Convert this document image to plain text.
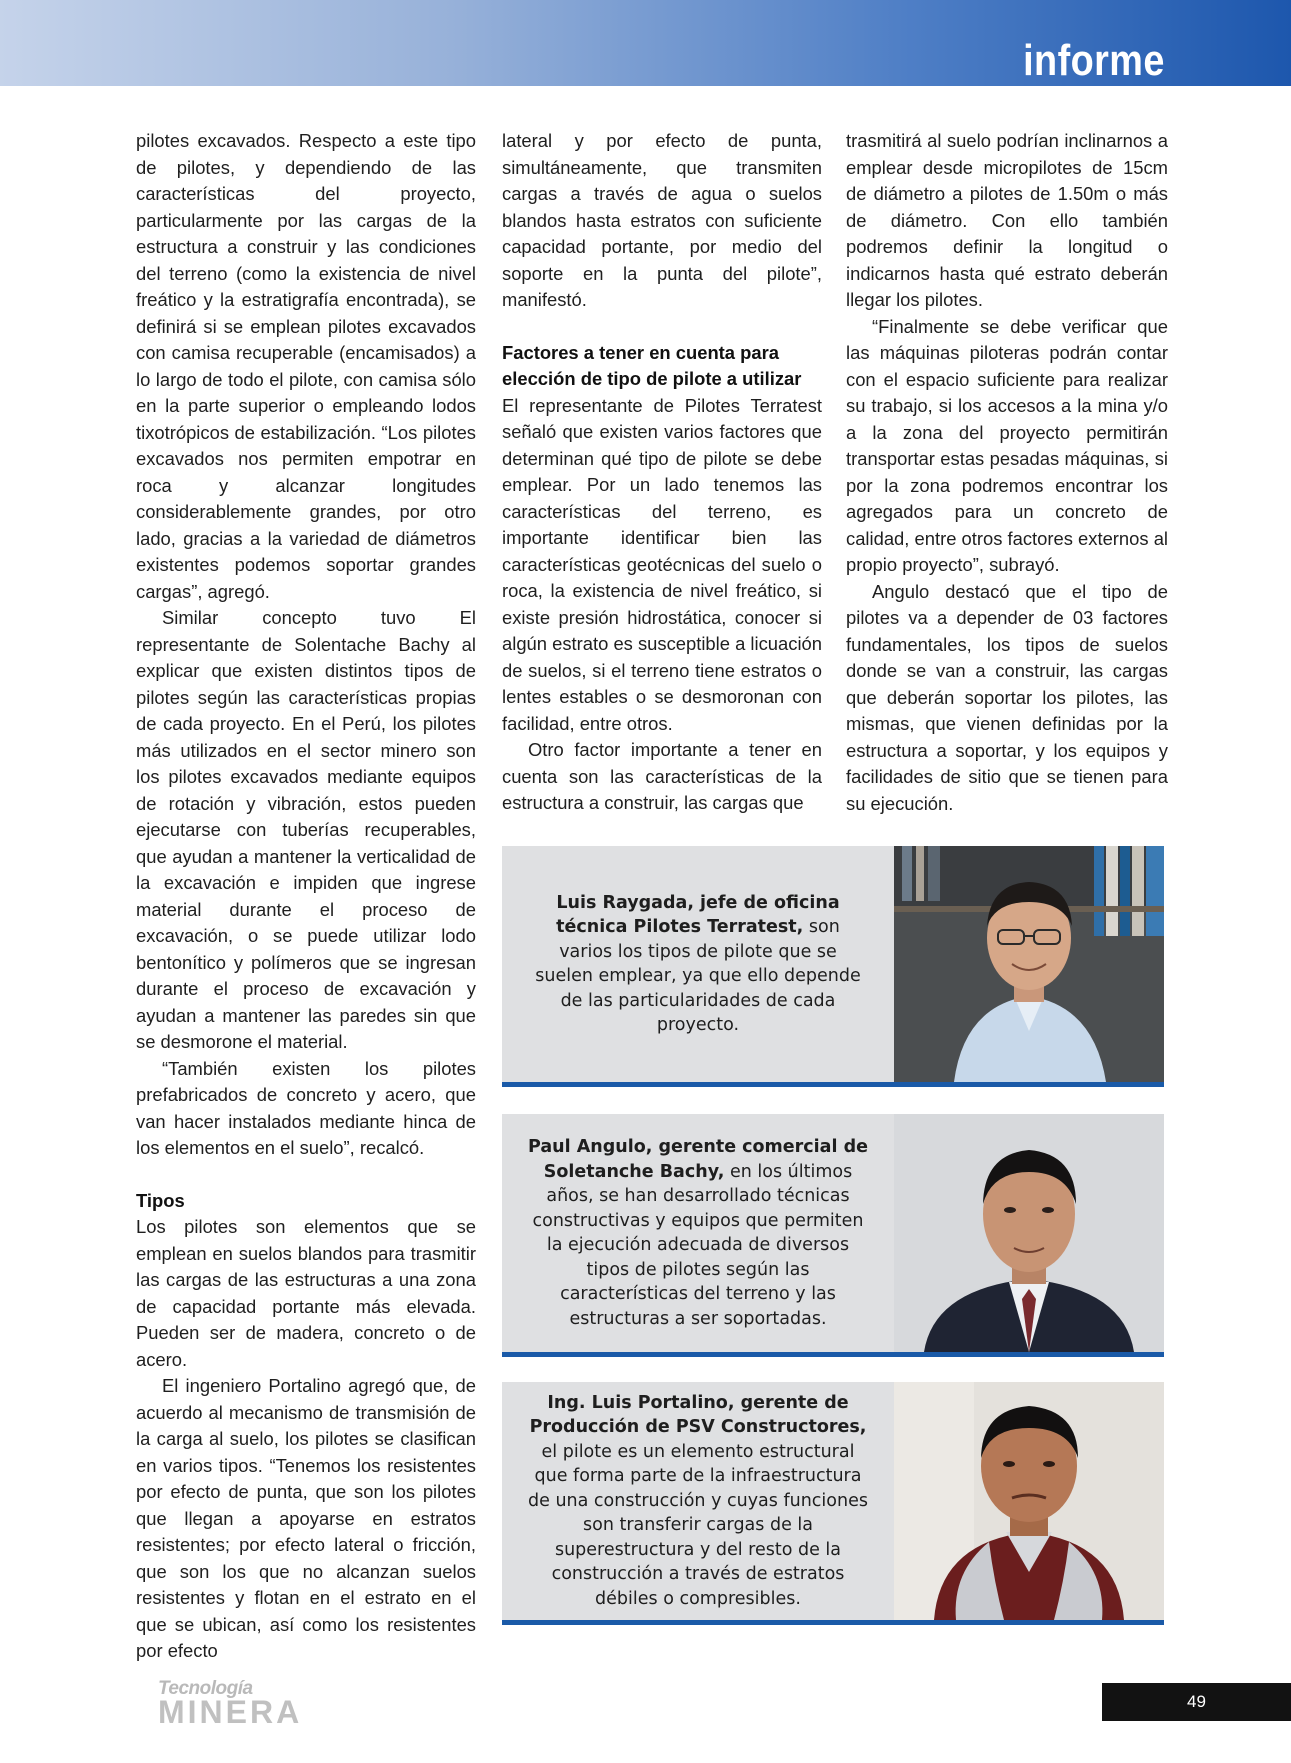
informe

pilotes excavados. Respecto a este tipo de pilotes, y dependiendo de las características del proyecto, particularmente por las cargas de la estructura a construir y las condiciones del terreno (como la existencia de nivel freático y la estratigrafía encontrada), se definirá si se emplean pilotes excavados con camisa recuperable (encamisados) a lo largo de todo el pilote, con camisa sólo en la parte superior o empleando lodos tixotrópicos de estabilización. “Los pilotes excavados nos permiten empotrar en roca y alcanzar longitudes considerablemente grandes, por otro lado, gracias a la variedad de diámetros existentes podemos soportar grandes cargas”, agregó.

Similar concepto tuvo El representante de Solentache Bachy al explicar que existen distintos tipos de pilotes según las características propias de cada proyecto. En el Perú, los pilotes más utilizados en el sector minero son los pilotes excavados mediante equipos de rotación y vibración, estos pueden ejecutarse con tuberías recuperables, que ayudan a mantener la verticalidad de la excavación e impiden que ingrese material durante el proceso de excavación, o se puede utilizar lodo bentonítico y polímeros que se ingresan durante el proceso de excavación y ayudan a mantener las paredes sin que se desmorone el material.

“También existen los pilotes prefabricados de concreto y acero, que van hacer instalados mediante hinca de los elementos en el suelo”, recalcó.

Tipos

Los pilotes son elementos que se emplean en suelos blandos para trasmitir las cargas de las estructuras a una zona de capacidad portante más elevada. Pueden ser de madera, concreto o de acero.

El ingeniero Portalino agregó que, de acuerdo al mecanismo de transmisión de la carga al suelo, los pilotes se clasifican en varios tipos. “Tenemos los resistentes por efecto de punta, que son los pilotes que llegan a apoyarse en estratos resistentes; por efecto lateral o fricción, que son los que no alcanzan suelos resistentes y flotan en el estrato en el que se ubican, así como los resistentes por efecto

lateral y por efecto de punta, simultáneamente, que transmiten cargas a través de agua o suelos blandos hasta estratos con suficiente capacidad portante, por medio del soporte en la punta del pilote”, manifestó.

Factores a tener en cuenta para elección de tipo de pilote a utilizar

El representante de Pilotes Terratest señaló que existen varios factores que determinan qué tipo de pilote se debe emplear. Por un lado tenemos las características del terreno, es importante identificar bien las características geotécnicas del suelo o roca, la existencia de nivel freático, si existe presión hidrostática, conocer si algún estrato es susceptible a licuación de suelos, si el terreno tiene estratos o lentes estables o se desmoronan con facilidad, entre otros.

Otro factor importante a tener en cuenta son las características de la estructura a construir, las cargas que

trasmitirá al suelo podrían inclinarnos a emplear desde micropilotes de 15cm de diámetro a pilotes de 1.50m o más de diámetro. Con ello también podremos definir la longitud o indicarnos hasta qué estrato deberán llegar los pilotes.

“Finalmente se debe verificar que las máquinas piloteras podrán contar con el espacio suficiente para realizar su trabajo, si los accesos a la mina y/o a la zona del proyecto permitirán transportar estas pesadas máquinas, si por la zona podremos encontrar los agregados para un concreto de calidad, entre otros factores externos al propio proyecto”, subrayó.

Angulo destacó que el tipo de pilotes va a depender de 03 factores fundamentales, los tipos de suelos donde se van a construir, las cargas que deberán soportar los pilotes, las mismas, que vienen definidas por la estructura a soportar, y los equipos y facilidades de sitio que se tienen para su ejecución.

Luis Raygada, jefe de oficina técnica Pilotes Terratest, son varios los tipos de pilote que se suelen emplear, ya que ello depende de las particularidades de cada proyecto.
Paul Angulo, gerente comercial de Soletanche Bachy, en los últimos años, se han desarrollado técnicas constructivas y equipos que permiten la ejecución adecuada de diversos tipos de pilotes según las características del terreno y las estructuras a ser soportadas.
Ing. Luis Portalino, gerente de Producción de PSV Constructores, el pilote es un elemento estructural que forma parte de la infraestructura de una construcción y cuyas funciones son transferir cargas de la superestructura y del resto de la construcción a través de estratos débiles o compresibles.
Tecnología
MINERA	49
